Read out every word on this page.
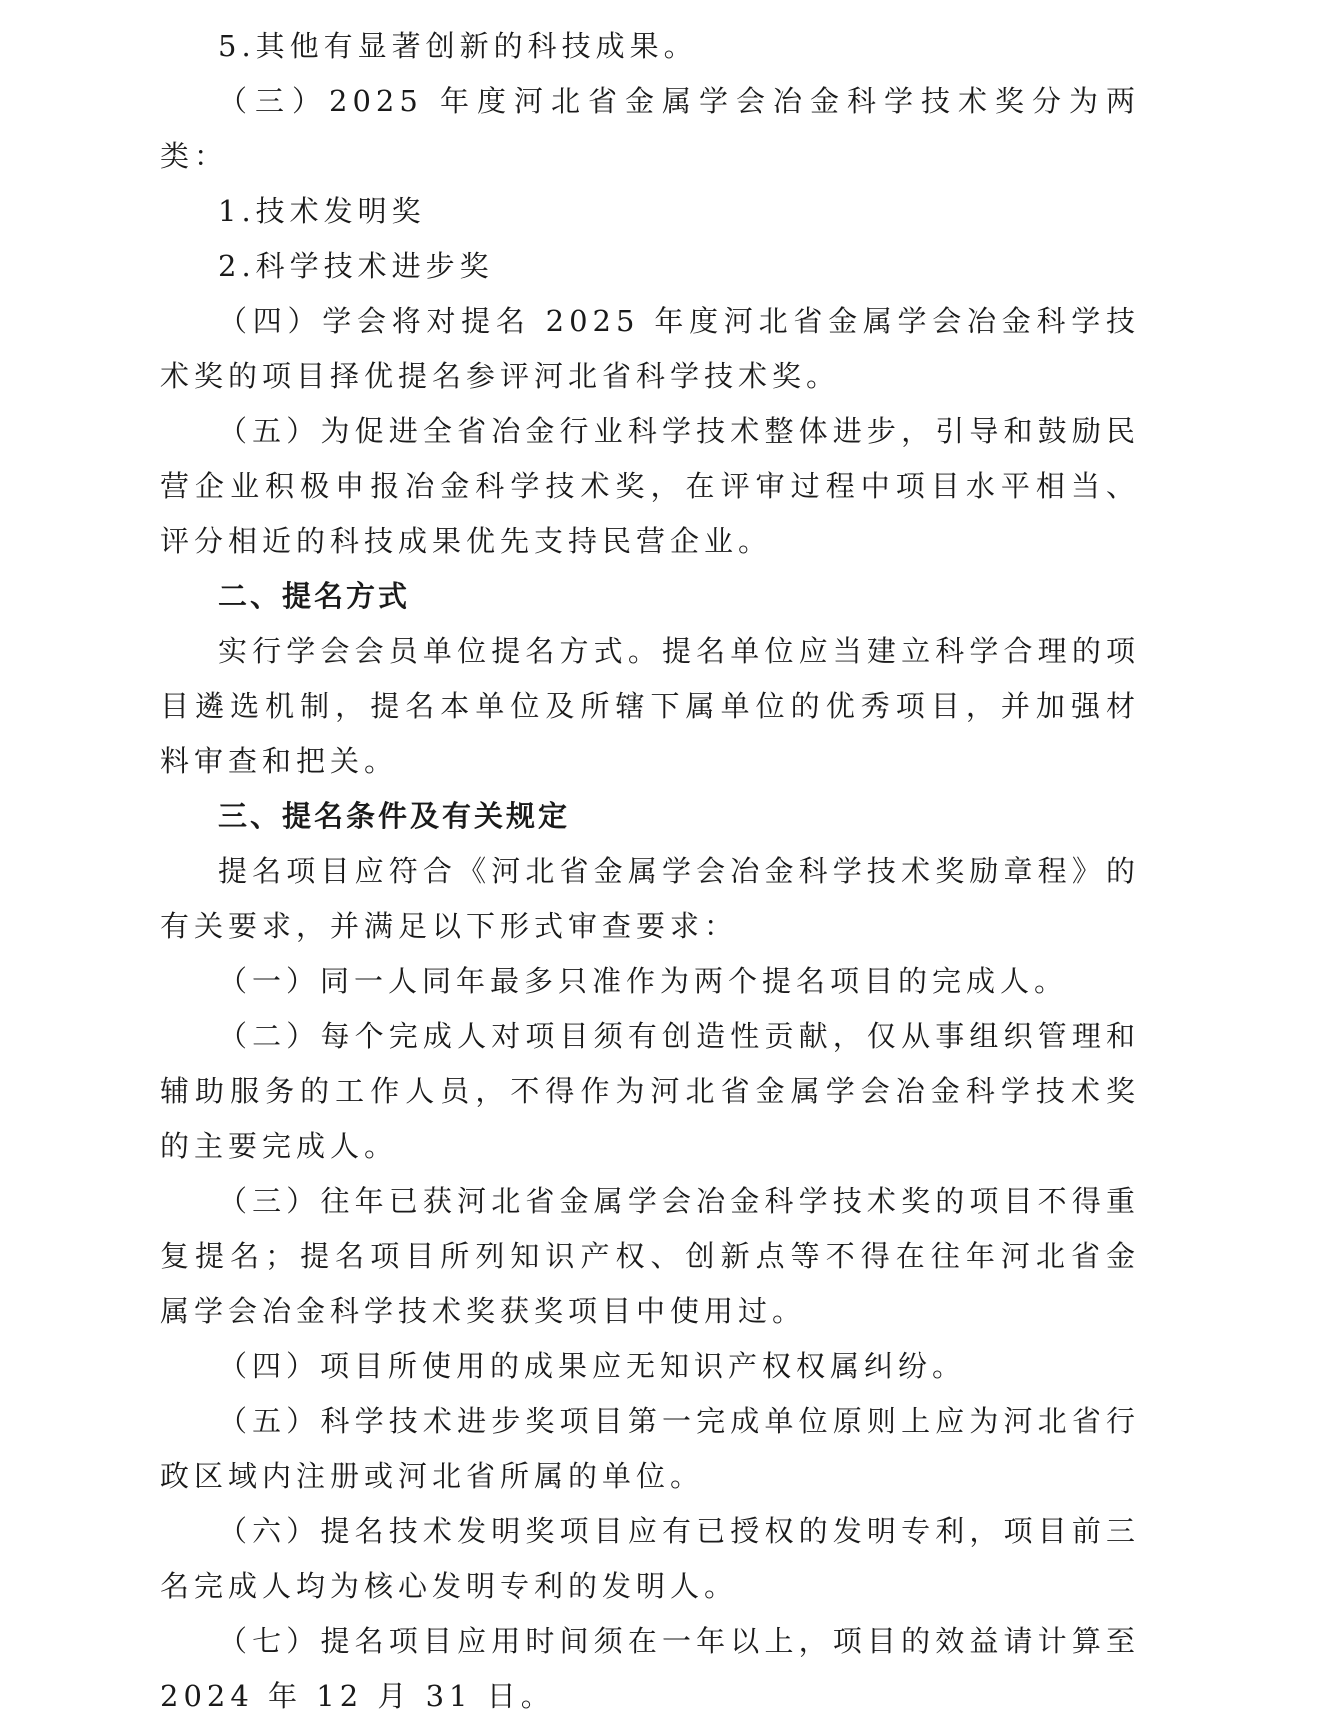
5.其他有显著创新的科技成果。

（三）2025 年度河北省金属学会冶金科学技术奖分为两类：

1.技术发明奖

2.科学技术进步奖

（四）学会将对提名 2025 年度河北省金属学会冶金科学技术奖的项目择优提名参评河北省科学技术奖。

（五）为促进全省冶金行业科学技术整体进步，引导和鼓励民营企业积极申报冶金科学技术奖，在评审过程中项目水平相当、评分相近的科技成果优先支持民营企业。

二、提名方式

实行学会会员单位提名方式。提名单位应当建立科学合理的项目遴选机制，提名本单位及所辖下属单位的优秀项目，并加强材料审查和把关。

三、提名条件及有关规定

提名项目应符合《河北省金属学会冶金科学技术奖励章程》的有关要求，并满足以下形式审查要求：

（一）同一人同年最多只准作为两个提名项目的完成人。

（二）每个完成人对项目须有创造性贡献，仅从事组织管理和辅助服务的工作人员，不得作为河北省金属学会冶金科学技术奖的主要完成人。

（三）往年已获河北省金属学会冶金科学技术奖的项目不得重复提名；提名项目所列知识产权、创新点等不得在往年河北省金属学会冶金科学技术奖获奖项目中使用过。

（四）项目所使用的成果应无知识产权权属纠纷。

（五）科学技术进步奖项目第一完成单位原则上应为河北省行政区域内注册或河北省所属的单位。

（六）提名技术发明奖项目应有已授权的发明专利，项目前三名完成人均为核心发明专利的发明人。

（七）提名项目应用时间须在一年以上，项目的效益请计算至 2024 年 12 月 31 日。
